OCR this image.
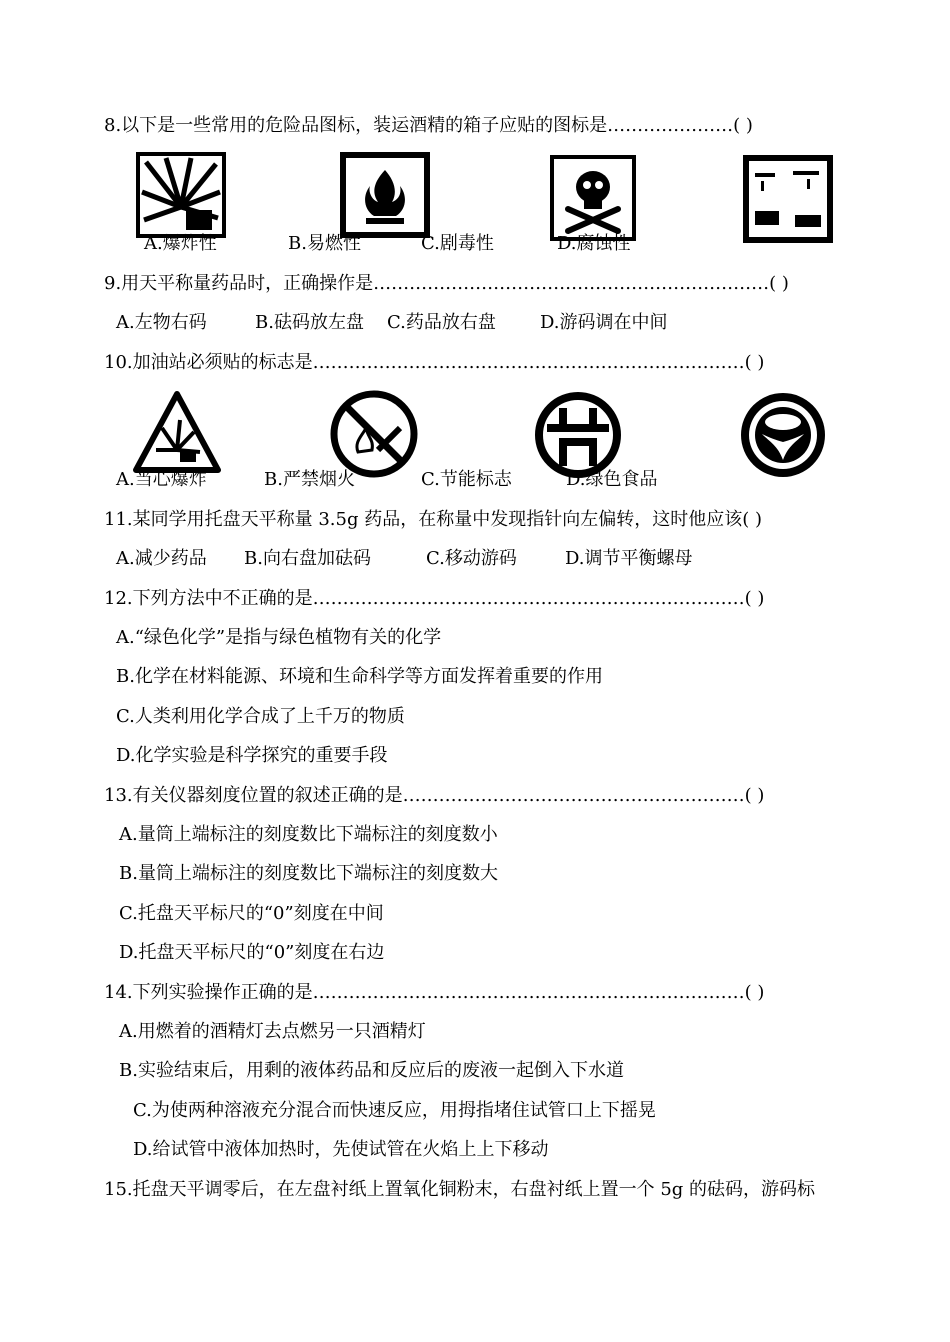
8.以下是一些常用的危险品图标，装运酒精的箱子应贴的图标是…………………( )
A.爆炸性	B.易燃性	C.剧毒性	D.腐蚀性
9.用天平称量药品时，正确操作是…………………………………………………………( )
A.左物右码	B.砝码放左盘 C.药品放右盘 D.游码调在中间
10.加油站必须贴的标志是………………………………………………………………( )
A.当心爆炸	B.严禁烟火	C.节能标志	D.绿色食品
11.某同学用托盘天平称量 3.5g 药品，在称量中发现指针向左偏转，这时他应该( )
A.减少药品 B.向右盘加砝码	C.移动游码	D.调节平衡螺母
12.下列方法中不正确的是………………………………………………………………( )
A.“绿色化学”是指与绿色植物有关的化学
B.化学在材料能源、环境和生命科学等方面发挥着重要的作用
C.人类利用化学合成了上千万的物质
D.化学实验是科学探究的重要手段
13.有关仪器刻度位置的叙述正确的是…………………………………………………( )
A.量筒上端标注的刻度数比下端标注的刻度数小
B.量筒上端标注的刻度数比下端标注的刻度数大
C.托盘天平标尺的“0”刻度在中间
D.托盘天平标尺的“0”刻度在右边
14.下列实验操作正确的是………………………………………………………………( )
A.用燃着的酒精灯去点燃另一只酒精灯
B.实验结束后，用剩的液体药品和反应后的废液一起倒入下水道
C.为使两种溶液充分混合而快速反应，用拇指堵住试管口上下摇晃
D.给试管中液体加热时，先使试管在火焰上上下移动
15.托盘天平调零后，在左盘衬纸上置氧化铜粉末，右盘衬纸上置一个 5g 的砝码，游码标
